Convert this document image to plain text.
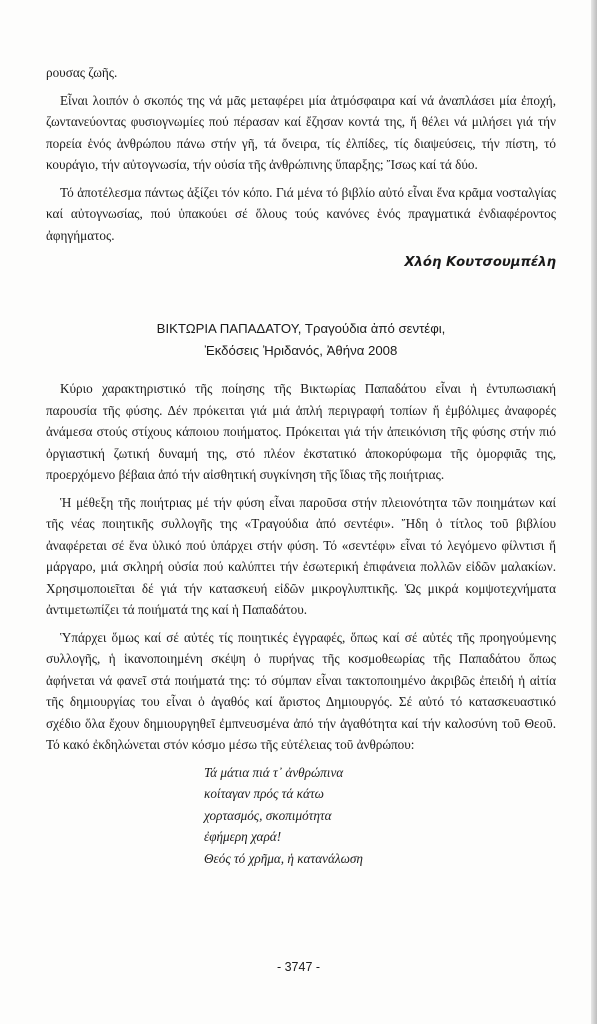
ρουσας ζωῆς.

Εἶναι λοιπόν ὁ σκοπός της νά μᾶς μεταφέρει μία ἀτμόσφαιρα καί νά ἀναπλάσει μία ἐποχή, ζωντανεύοντας φυσιογνωμίες πού πέρασαν καί ἔζησαν κοντά της, ἤ θέλει νά μιλήσει γιά τήν πορεία ἑνός ἀνθρώπου πάνω στήν γῆ, τά ὄνειρα, τίς ἐλπίδες, τίς διαψεύσεις, τήν πίστη, τό κουράγιο, τήν αὐτογνωσία, τήν οὐσία τῆς ἀνθρώπινης ὕπαρξης; Ἴσως καί τά δύο.

Τό ἀποτέλεσμα πάντως ἀξίζει τόν κόπο. Γιά μένα τό βιβλίο αὐτό εἶναι ἕνα κρᾶμα νοσταλγίας καί αὐτογνωσίας, πού ὑπακούει σέ ὅλους τούς κανόνες ἑνός πραγματικά ἐνδιαφέροντος ἀφηγήματος.

Χλόη Κουτσουμπέλη
ΒΙΚΤΩΡΙΑ ΠΑΠΑΔΑΤΟΥ, Τραγούδια ἀπό σεντέφι,
Ἐκδόσεις Ἠριδανός, Ἀθήνα 2008

Κύριο χαρακτηριστικό τῆς ποίησης τῆς Βικτωρίας Παπαδάτου εἶναι ἡ ἐντυπωσιακή παρουσία τῆς φύσης. Δέν πρόκειται γιά μιά ἁπλή περιγραφή τοπίων ἤ ἐμβόλιμες ἀναφορές ἀνάμεσα στούς στίχους κάποιου ποιήματος. Πρόκειται γιά τήν ἀπεικόνιση τῆς φύσης στήν πιό ὀργιαστική ζωτική δυναμή της, στό πλέον ἐκστατικό ἀποκορύφωμα τῆς ὀμορφιᾶς της, προερχόμενο βέβαια ἀπό τήν αἰσθητική συγκίνηση τῆς ἴδιας τῆς ποιήτριας.

Ἡ μέθεξη τῆς ποιήτριας μέ τήν φύση εἶναι παροῦσα στήν πλειονότητα τῶν ποιημάτων καί τῆς νέας ποιητικῆς συλλογῆς της «Τραγούδια ἀπό σεντέφι». Ἤδη ὁ τίτλος τοῦ βιβλίου ἀναφέρεται σέ ἕνα ὑλικό πού ὑπάρχει στήν φύση. Τό «σεντέφι» εἶναι τό λεγόμενο φίλντισι ἤ μάργαρο, μιά σκληρή οὐσία πού καλύπτει τήν ἐσωτερική ἐπιφάνεια πολλῶν εἰδῶν μαλακίων. Χρησιμοποιεῖται δέ γιά τήν κατασκευή εἰδῶν μικρογλυπτικῆς. Ὡς μικρά κομψοτεχνήματα ἀντιμετωπίζει τά ποιήματά της καί ἡ Παπαδάτου.

Ὑπάρχει ὅμως καί σέ αὐτές τίς ποιητικές ἐγγραφές, ὅπως καί σέ αὐτές τῆς προηγούμενης συλλογῆς, ἡ ἱκανοποιημένη σκέψη ὁ πυρήνας τῆς κοσμοθεωρίας τῆς Παπαδάτου ὅπως ἀφήνεται νά φανεῖ στά ποιήματά της: τό σύμπαν εἶναι τακτοποιημένο ἀκριβῶς ἐπειδή ἡ αἰτία τῆς δημιουργίας του εἶναι ὁ ἀγαθός καί ἄριστος Δημιουργός. Σέ αὐτό τό κατασκευαστικό σχέδιο ὅλα ἔχουν δημιουργηθεῖ ἐμπνευσμένα ἀπό τήν ἀγαθότητα καί τήν καλοσύνη τοῦ Θεοῦ. Τό κακό ἐκδηλώνεται στόν κόσμο μέσω τῆς εὐτέλειας τοῦ ἀνθρώπου:

Τά μάτια πιά τ᾽ ἀνθρώπινα
κοίταγαν πρός τά κάτω
χορτασμός, σκοπιμότητα
ἐφήμερη χαρά!
Θεός τό χρῆμα, ἡ κατανάλωση
- 3747 -
